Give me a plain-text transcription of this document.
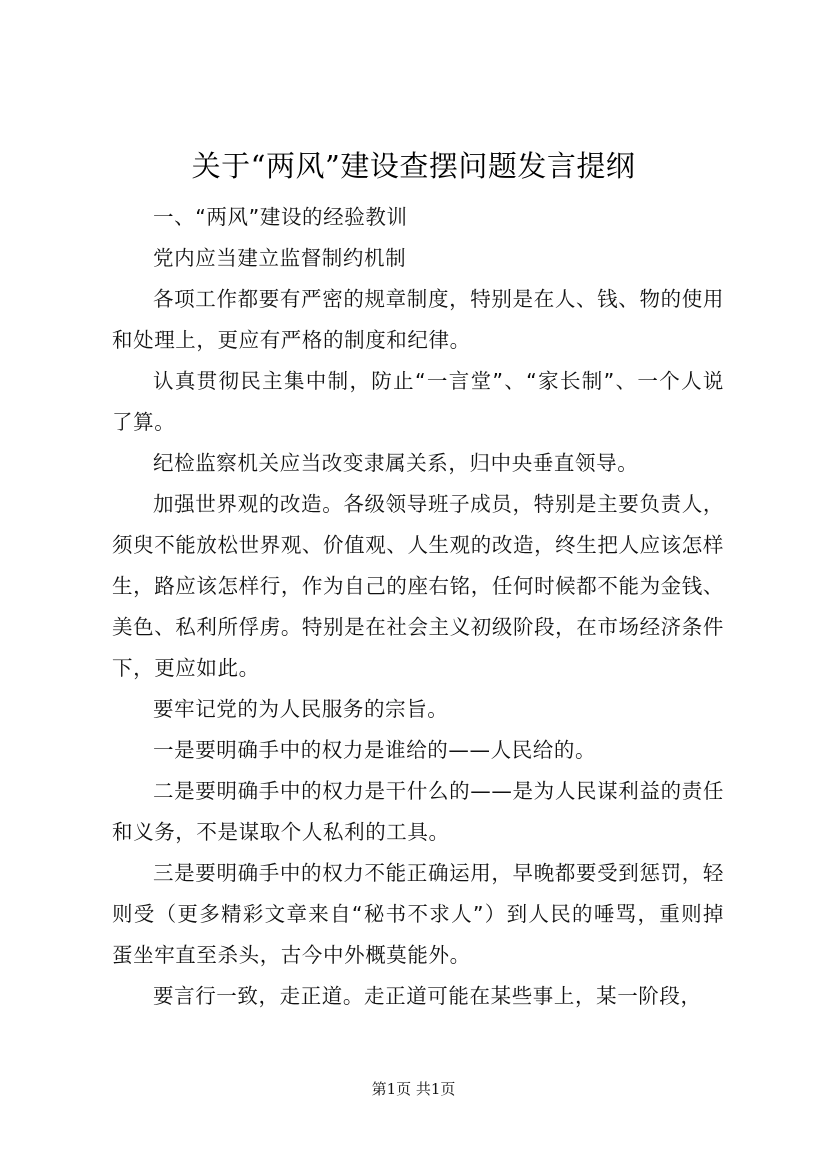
关于“两风”建设查摆问题发言提纲

一、“两风”建设的经验教训

党内应当建立监督制约机制

各项工作都要有严密的规章制度，特别是在人、钱、物的使用和处理上，更应有严格的制度和纪律。

认真贯彻民主集中制，防止“一言堂”、“家长制”、一个人说了算。

纪检监察机关应当改变隶属关系，归中央垂直领导。

加强世界观的改造。各级领导班子成员，特别是主要负责人，须臾不能放松世界观、价值观、人生观的改造，终生把人应该怎样生，路应该怎样行，作为自己的座右铭，任何时候都不能为金钱、美色、私利所俘虏。特别是在社会主义初级阶段，在市场经济条件下，更应如此。

要牢记党的为人民服务的宗旨。

一是要明确手中的权力是谁给的——人民给的。

二是要明确手中的权力是干什么的——是为人民谋利益的责任和义务，不是谋取个人私利的工具。

三是要明确手中的权力不能正确运用，早晚都要受到惩罚，轻则受（更多精彩文章来自“秘书不求人”）到人民的唾骂，重则掉蛋坐牢直至杀头，古今中外概莫能外。

要言行一致，走正道。走正道可能在某些事上，某一阶段，

第1页 共1页
